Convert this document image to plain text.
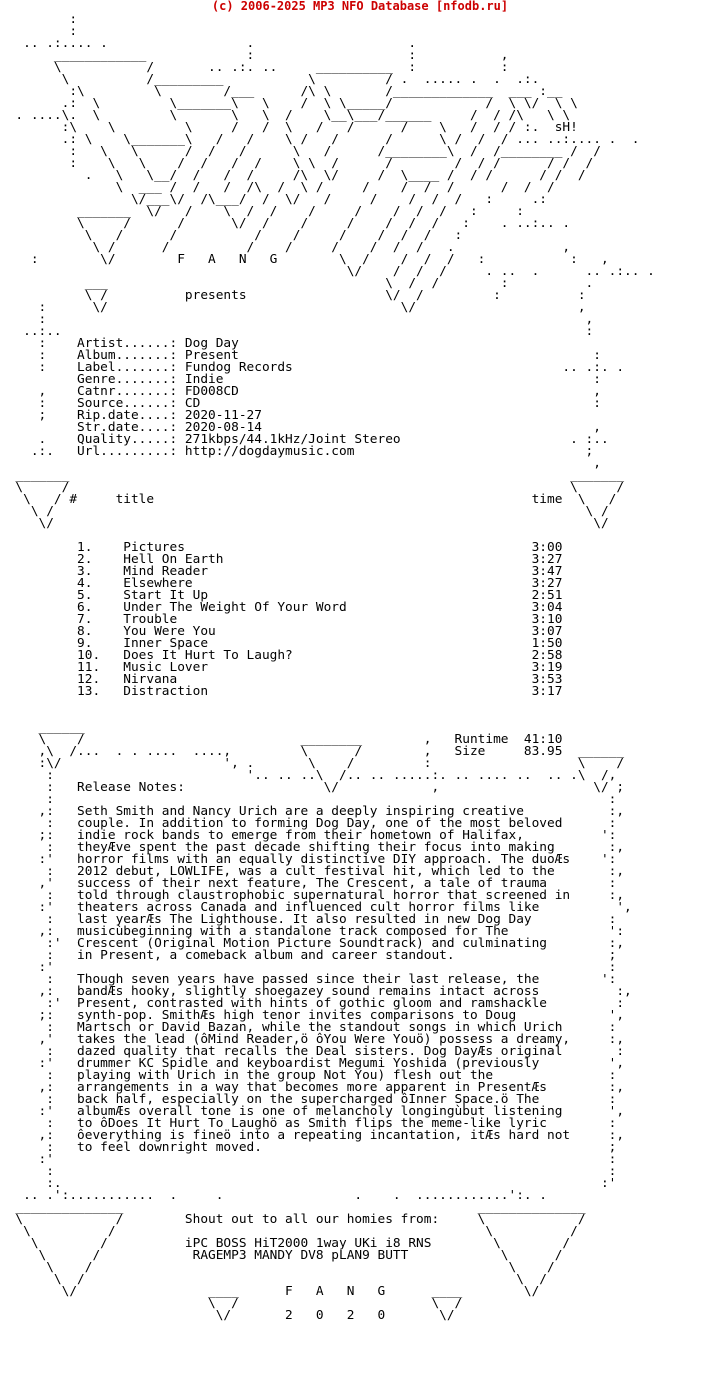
(c) 2006-2025 MP3 NFO Database [nfodb.ru]
:
:
.. .:.... .                  .                    .
____________             :                    :           ,
\           /       .. .:. ..     __________  :           :
\          /_________           \         / .  ..... .  .  .:.
:\         \        /___      /\ \       /_____________  ___ :__
.:  \         \_______\   \    /  \ \_____/            /  \ \/  \ \
. ....\.  \         \       \   \  /    \__\___/______     /  / /\   \ \
:\    \         \     /   /  \   /   /      /    \   /  / / :.  sH!
.: \    \_______\   /   /    \ /   /      /      \ /  /  / ... ..:.... .  .
:   \   \      /  /   /      \   /      /________\  /  /________ /  /
:    \   \    /  /   /  /    \ \  /      /        /  / /      / /  /
.   \   \__/  /   /  /     /\  \/     /  \____ /  / /      / /  /
\  ___ /  /   /  /\  /  \ /     /    /  /  /      /  /  /
\/___\/  /\___/  /  \/   /     /    /  /  /   :     .:
_______  \/   /    \  /  /    /     /    /  /  /   :     :
\     /      /      \/  /    /     /    /  /  /   :    . ..:.. .
\   /      /          /    /     /    /  /  /   :
\ /      /          /    /     /    /  /  /   .              ,
:        \/        F   A   N   G        \  /    /  /  /   :           :   ,
\/    /  /  /     . ..  .      .. .:.. .
___                                    \  /  /        :          .
\ /          presents                  \/  /         :          :
:      \/                                      \/                     ,
:                                                                      ,
..:..                                                                    :
:    Artist......: Dog Day
:    Album.......: Present                                              :
:    Label.......: Fundog Records                                   .. .:. .
Genre.......: Indie                                                :
,    Catnr.......: FD008CD                                              ,
:    Source......: CD                                                   :
;    Rip.date....: 2020-11-27
Str.date....: 2020-08-14                                           ,
.    Quality.....: 271kbps/44.1kHz/Joint Stereo                      . :..
.:.   Url.........: http://dogdaymusic.com                              ;
,
_______                                                                 _______
\     /                                                                 \     /
\   / #     title                                                 time  \   /
\ /                                                                     \ /
\/                                                                      \/

1.    Pictures                                             3:00
2.    Hell On Earth                                        3:27
3.    Mind Reader                                          3:47
4.    Elsewhere                                            3:27
5.    Start It Up                                          2:51
6.    Under The Weight Of Your Word                        3:04
7.    Trouble                                              3:10
8.    You Were You                                         3:07
9.    Inner Space                                          1:50
10.   Does It Hurt To Laugh?                               2:58
11.   Music Lover                                          3:19
12.   Nirvana                                              3:53
13.   Distraction                                          3:17

______
\    /                            ________        ,   Runtime  41:10
,\  /...  . . ....  ....,         \      /        ,   Size     83.95  ______
:\/                     ', .       \    /         :                   \    /
:                         '.. .. ..\  /.. .. .....:. .. .... ..  .. .\  /,
:   Release Notes:                  \/            ,                    \/ ;
:                                                                        :
,:   Seth Smith and Nancy Urich are a deeply inspiring creative           :,
:   couple. In addition to forming Dog Day, one of the most beloved      :
;:   indie rock bands to emerge from their hometown of Halifax,          ':
:   theyÆve spent the past decade shifting their focus into making       :,
:'   horror films with an equally distinctive DIY approach. The duoÆs    ':
:   2012 debut, LOWLIFE, was a cult festival hit, which led to the       :,
,'   success of their next feature, The Crescent, a tale of trauma        :
:   told through claustrophobic supernatural horror that screened in     :,
:'   theaters across Canada and influenced cult horror films like          ',
:   last yearÆs The Lighthouse. It also resulted in new Dog Day          :
,:   musicùbeginning with a standalone track composed for The             ':
:'  Crescent (Original Motion Picture Soundtrack) and culminating        :,
:   in Present, a comeback album and career standout.                    ;
:'                                                                        :
:   Though seven years have passed since their last release, the        ':
,:   bandÆs hooky, slightly shoegazey sound remains intact across          :,
:'  Present, contrasted with hints of gothic gloom and ramshackle         :
;:   synth-pop. SmithÆs high tenor invites comparisons to Doug            ',
:   Martsch or David Bazan, while the standout songs in which Urich      :
,'   takes the lead (ôMind Reader,ö ôYou Were Youö) possess a dreamy,     :,
:   dazed quality that recalls the Deal sisters. Dog DayÆs original       :
:'   drummer KC Spidle and keyboardist Megumi Yoshida (previously         ',
:   playing with Urich in the group Not You) flesh out the               :
,:   arrangements in a way that becomes more apparent in PresentÆs        :,
:   back half, especially on the supercharged ôInner Space.ö The         :
:'   albumÆs overall tone is one of melancholy longingùbut listening      ',
:   to ôDoes It Hurt To Laughö as Smith flips the meme-like lyric        :
,:   ôeverything is fineö into a repeating incantation, itÆs hard not     :,
:   to feel downright moved.                                             ;
:'                                                                        :
:                                                                        :
:.                                                                      :'
.. .':...........  .     .                 .    .  ............':. .
______________                                              ______________
\            /        Shout out to all our homies from:     \            /
\          /                                                \          /
\        /          iPC BOSS HiT2000 1way UKi i8 RNS        \        /
\      /            RAGEMP3 MANDY DV8 pLAN9 BUTT            \      /
\    /                                                      \    /
\  /                                                        \  /
\/                 ____      F   A   N   G      ____        \/
\  /                         \  /
\/       2   0   2   0       \/
